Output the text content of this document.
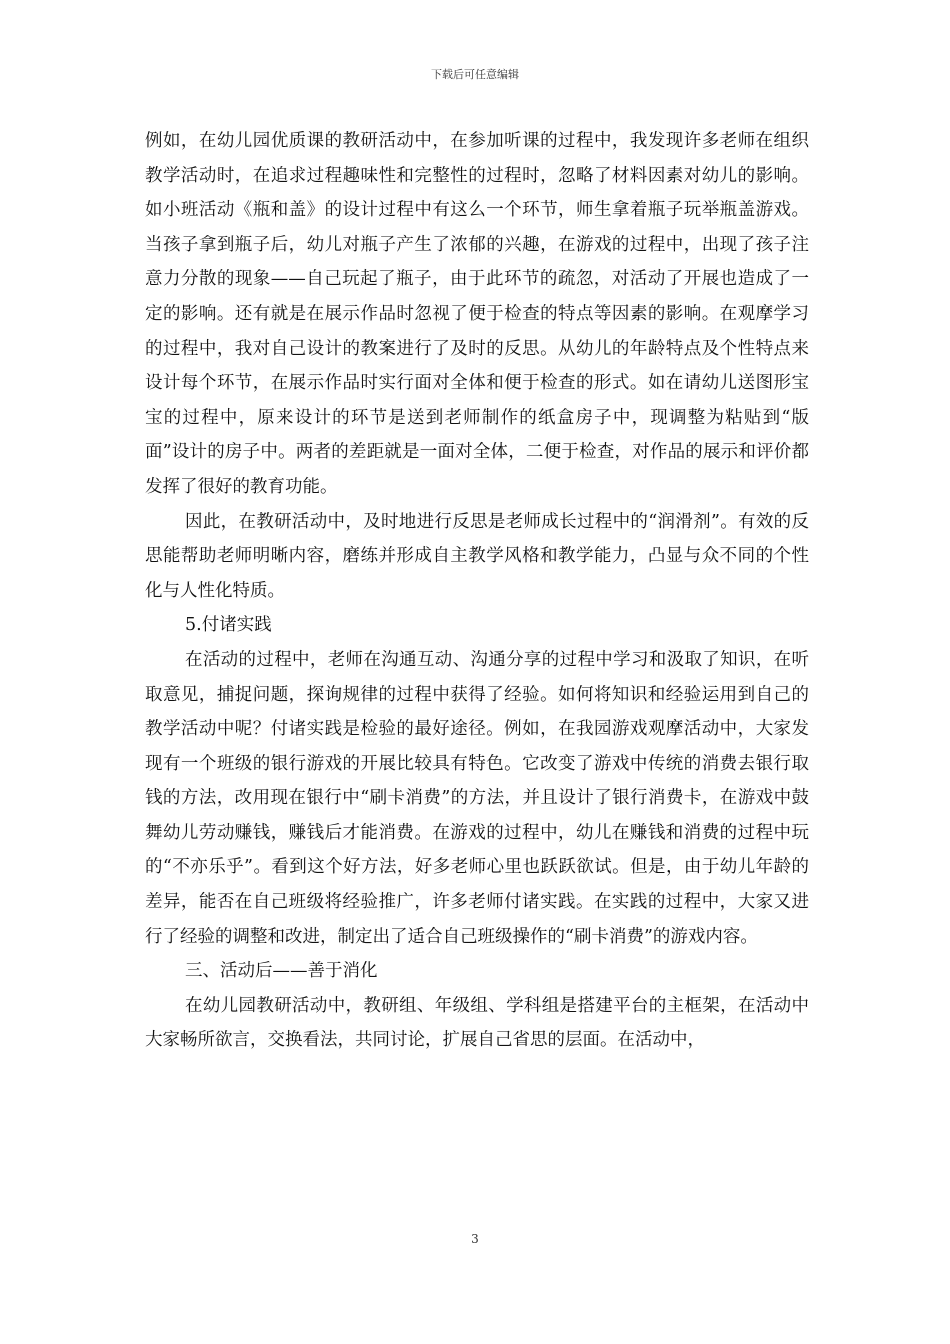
下载后可任意编辑

例如，在幼儿园优质课的教研活动中，在参加听课的过程中，我发现许多老师在组织教学活动时，在追求过程趣味性和完整性的过程时，忽略了材料因素对幼儿的影响。如小班活动《瓶和盖》的设计过程中有这么一个环节，师生拿着瓶子玩举瓶盖游戏。当孩子拿到瓶子后，幼儿对瓶子产生了浓郁的兴趣，在游戏的过程中，出现了孩子注意力分散的现象——自己玩起了瓶子，由于此环节的疏忽，对活动了开展也造成了一定的影响。还有就是在展示作品时忽视了便于检查的特点等因素的影响。在观摩学习的过程中，我对自己设计的教案进行了及时的反思。从幼儿的年龄特点及个性特点来设计每个环节，在展示作品时实行面对全体和便于检查的形式。如在请幼儿送图形宝宝的过程中，原来设计的环节是送到老师制作的纸盒房子中，现调整为粘贴到“版面”设计的房子中。两者的差距就是一面对全体，二便于检查，对作品的展示和评价都发挥了很好的教育功能。

因此，在教研活动中，及时地进行反思是老师成长过程中的“润滑剂”。有效的反思能帮助老师明晰内容，磨练并形成自主教学风格和教学能力，凸显与众不同的个性化与人性化特质。

5.付诸实践

在活动的过程中，老师在沟通互动、沟通分享的过程中学习和汲取了知识，在听取意见，捕捉问题，探询规律的过程中获得了经验。如何将知识和经验运用到自己的教学活动中呢？付诸实践是检验的最好途径。例如，在我园游戏观摩活动中，大家发现有一个班级的银行游戏的开展比较具有特色。它改变了游戏中传统的消费去银行取钱的方法，改用现在银行中“刷卡消费”的方法，并且设计了银行消费卡，在游戏中鼓舞幼儿劳动赚钱，赚钱后才能消费。在游戏的过程中，幼儿在赚钱和消费的过程中玩的“不亦乐乎”。看到这个好方法，好多老师心里也跃跃欲试。但是，由于幼儿年龄的差异，能否在自己班级将经验推广，许多老师付诸实践。在实践的过程中，大家又进行了经验的调整和改进，制定出了适合自己班级操作的“刷卡消费”的游戏内容。

三、活动后——善于消化

在幼儿园教研活动中，教研组、年级组、学科组是搭建平台的主框架，在活动中大家畅所欲言，交换看法，共同讨论，扩展自己省思的层面。在活动中，

3
